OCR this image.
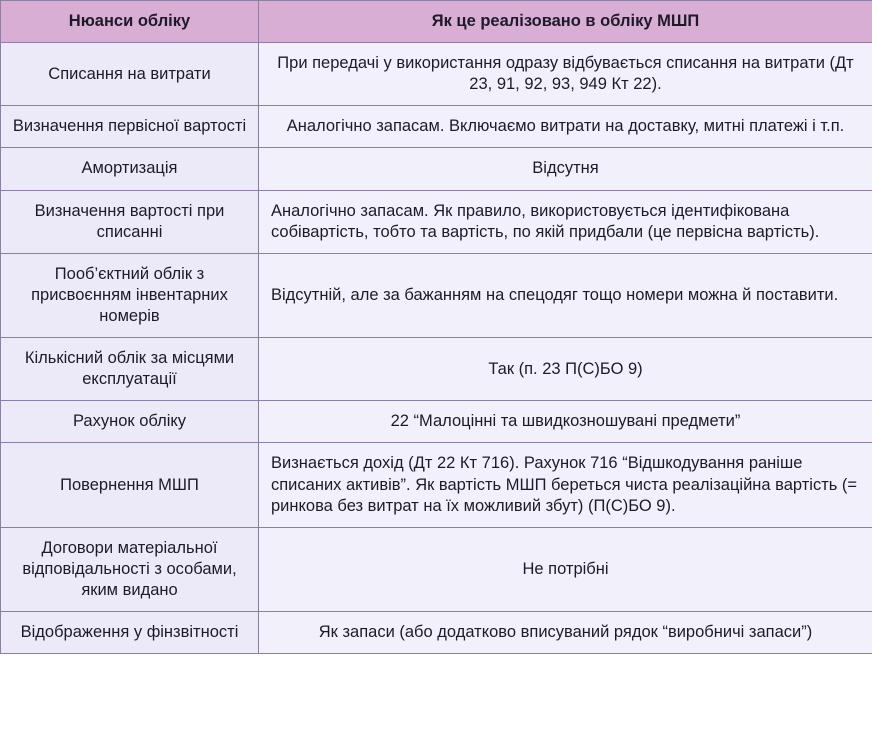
Нюанси обліку	Як це реалізовано в обліку МШП
Списання на витрати	При передачі у використання одразу відбувається списання на витрати (Дт 23, 91, 92, 93, 949 Кт 22).
Визначення первісної вартості	Аналогічно запасам. Включаємо витрати на доставку, митні платежі і т.п.
Амортизація	Відсутня
Визначення вартості при списанні	Аналогічно запасам. Як правило, використовується ідентифікована собівартість, тобто та вартість, по якій придбали (це первісна вартість).
Пооб’єктний облік з присвоєнням інвентарних номерів	Відсутній, але за бажанням на спецодяг тощо номери можна й поставити.
Кількісний облік за місцями експлуатації	Так (п. 23 П(С)БО 9)
Рахунок обліку	22 “Малоцінні та швидкозношувані предмети”
Повернення МШП	Визнається дохід (Дт 22 Кт 716). Рахунок 716 “Відшкодування раніше списаних активів”. Як вартість МШП береться чиста реалізаційна вартість (= ринкова без витрат на їх можливий збут) (П(С)БО 9).
Договори матеріальної відповідальності з особами, яким видано	Не потрібні
Відображення у фінзвітності	Як запаси (або додатково вписуваний рядок “виробничі запаси”)
